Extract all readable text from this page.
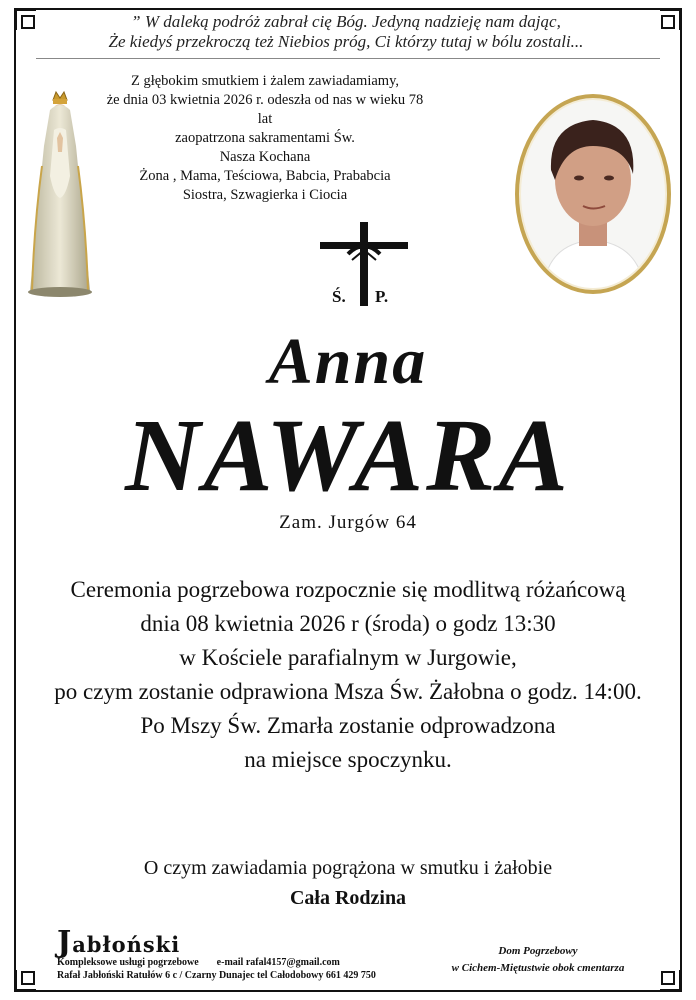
” W daleką podróż zabrał cię Bóg. Jedyną nadzieję nam dając,
Że kiedyś przekroczą też Niebios próg, Ci którzy tutaj w bólu zostali...
Z głębokim smutkiem i żalem zawiadamiamy,
że dnia 03 kwietnia 2026 r. odeszła od nas w wieku 78 lat
zaopatrzona sakramentami Św.
Nasza Kochana
Żona , Mama, Teściowa, Babcia, Prababcia
Siostra, Szwagierka i Ciocia
Ś. P.
Anna
NAWARA
Zam. Jurgów 64
Ceremonia pogrzebowa rozpocznie się modlitwą różańcową
dnia 08 kwietnia 2026 r (środa) o godz 13:30
w Kościele parafialnym w Jurgowie,
po czym zostanie odprawiona Msza Św. Żałobna o godz. 14:00.
Po Mszy Św. Zmarła zostanie odprowadzona
na miejsce spoczynku.
O czym zawiadamia pogrążona w smutku i żałobie
Cała Rodzina
Jabłoński
Kompleksowe usługi pogrzebowe e-mail rafal4157@gmail.com
Rafał Jabłoński Ratułów 6 c / Czarny Dunajec tel Całodobowy 661 429 750
Dom Pogrzebowy
w Cichem-Miętustwie obok cmentarza
